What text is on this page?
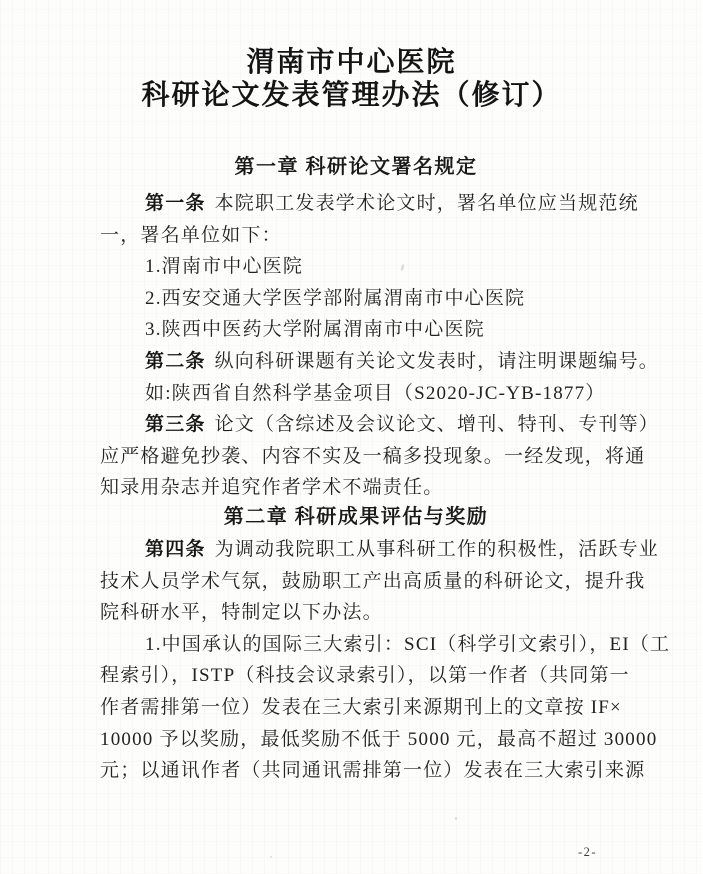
渭南市中心医院
科研论文发表管理办法（修订）
第一章 科研论文署名规定
第一条 本院职工发表学术论文时，署名单位应当规范统
一，署名单位如下：
1.渭南市中心医院
2.西安交通大学医学部附属渭南市中心医院
3.陕西中医药大学附属渭南市中心医院
第二条 纵向科研课题有关论文发表时，请注明课题编号。
如:陕西省自然科学基金项目（S2020-JC-YB-1877）
第三条 论文（含综述及会议论文、增刊、特刊、专刊等）
应严格避免抄袭、内容不实及一稿多投现象。一经发现，将通
知录用杂志并追究作者学术不端责任。
第二章 科研成果评估与奖励
第四条 为调动我院职工从事科研工作的积极性，活跃专业
技术人员学术气氛，鼓励职工产出高质量的科研论文，提升我
院科研水平，特制定以下办法。
1.中国承认的国际三大索引：SCI（科学引文索引），EI（工
程索引），ISTP（科技会议录索引），以第一作者（共同第一
作者需排第一位）发表在三大索引来源期刊上的文章按 IF×
10000 予以奖励，最低奖励不低于 5000 元，最高不超过 30000
元；以通讯作者（共同通讯需排第一位）发表在三大索引来源
-2-
